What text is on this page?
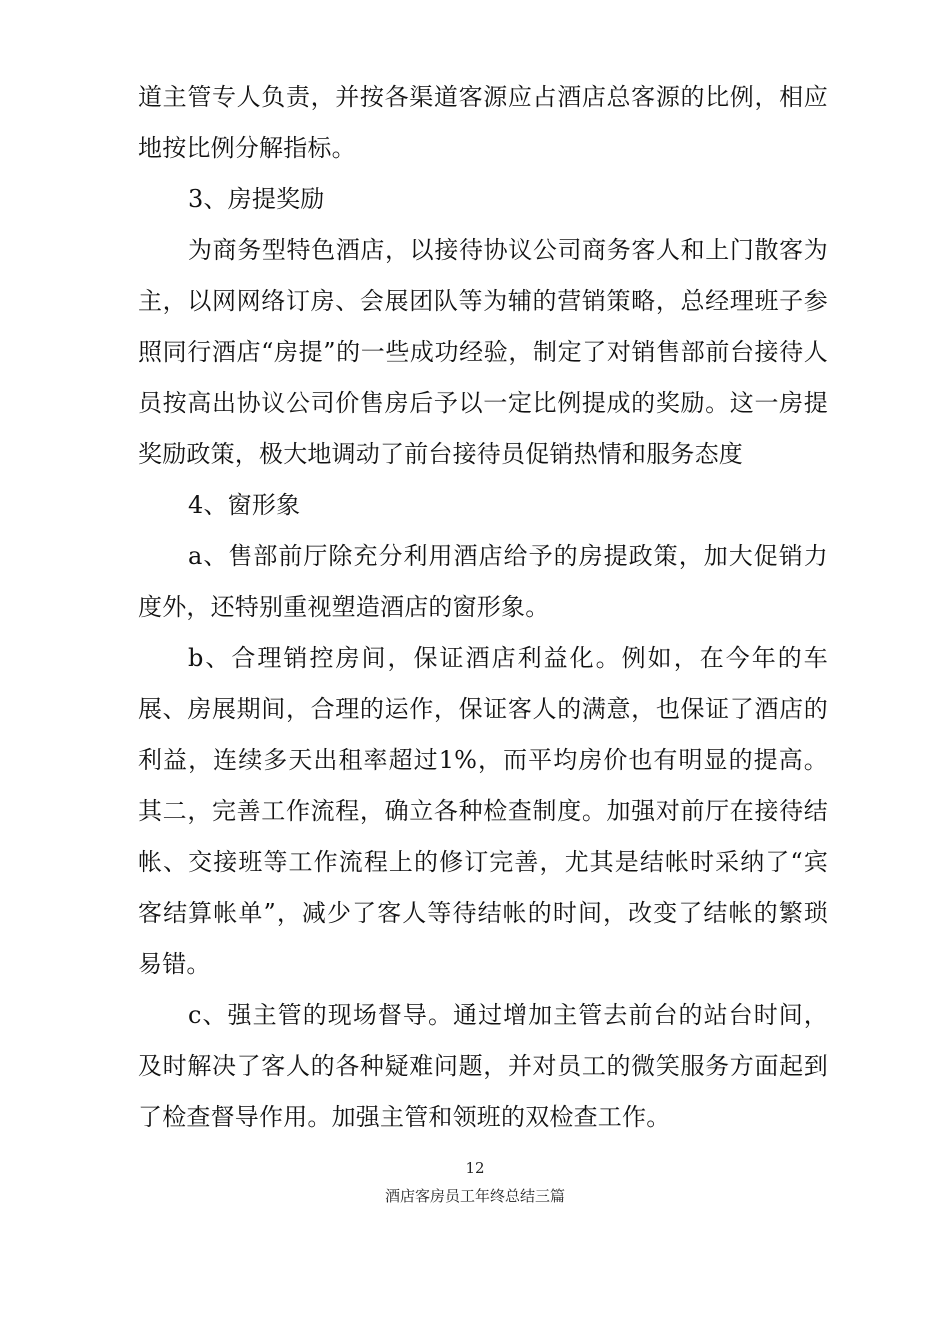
道主管专人负责，并按各渠道客源应占酒店总客源的比例，相应地按比例分解指标。

3、房提奖励

为商务型特色酒店，以接待协议公司商务客人和上门散客为主，以网网络订房、会展团队等为辅的营销策略，总经理班子参照同行酒店“房提”的一些成功经验，制定了对销售部前台接待人员按高出协议公司价售房后予以一定比例提成的奖励。这一房提奖励政策，极大地调动了前台接待员促销热情和服务态度

4、窗形象

a、售部前厅除充分利用酒店给予的房提政策，加大促销力度外，还特别重视塑造酒店的窗形象。

b、合理销控房间，保证酒店利益化。例如，在今年的车展、房展期间，合理的运作，保证客人的满意，也保证了酒店的利益，连续多天出租率超过1%，而平均房价也有明显的提高。其二，完善工作流程，确立各种检查制度。加强对前厅在接待结帐、交接班等工作流程上的修订完善，尤其是结帐时采纳了“宾客结算帐单”，减少了客人等待结帐的时间，改变了结帐的繁琐易错。

c、强主管的现场督导。通过增加主管去前台的站台时间，及时解决了客人的各种疑难问题，并对员工的微笑服务方面起到了检查督导作用。加强主管和领班的双检查工作。

12
酒店客房员工年终总结三篇
